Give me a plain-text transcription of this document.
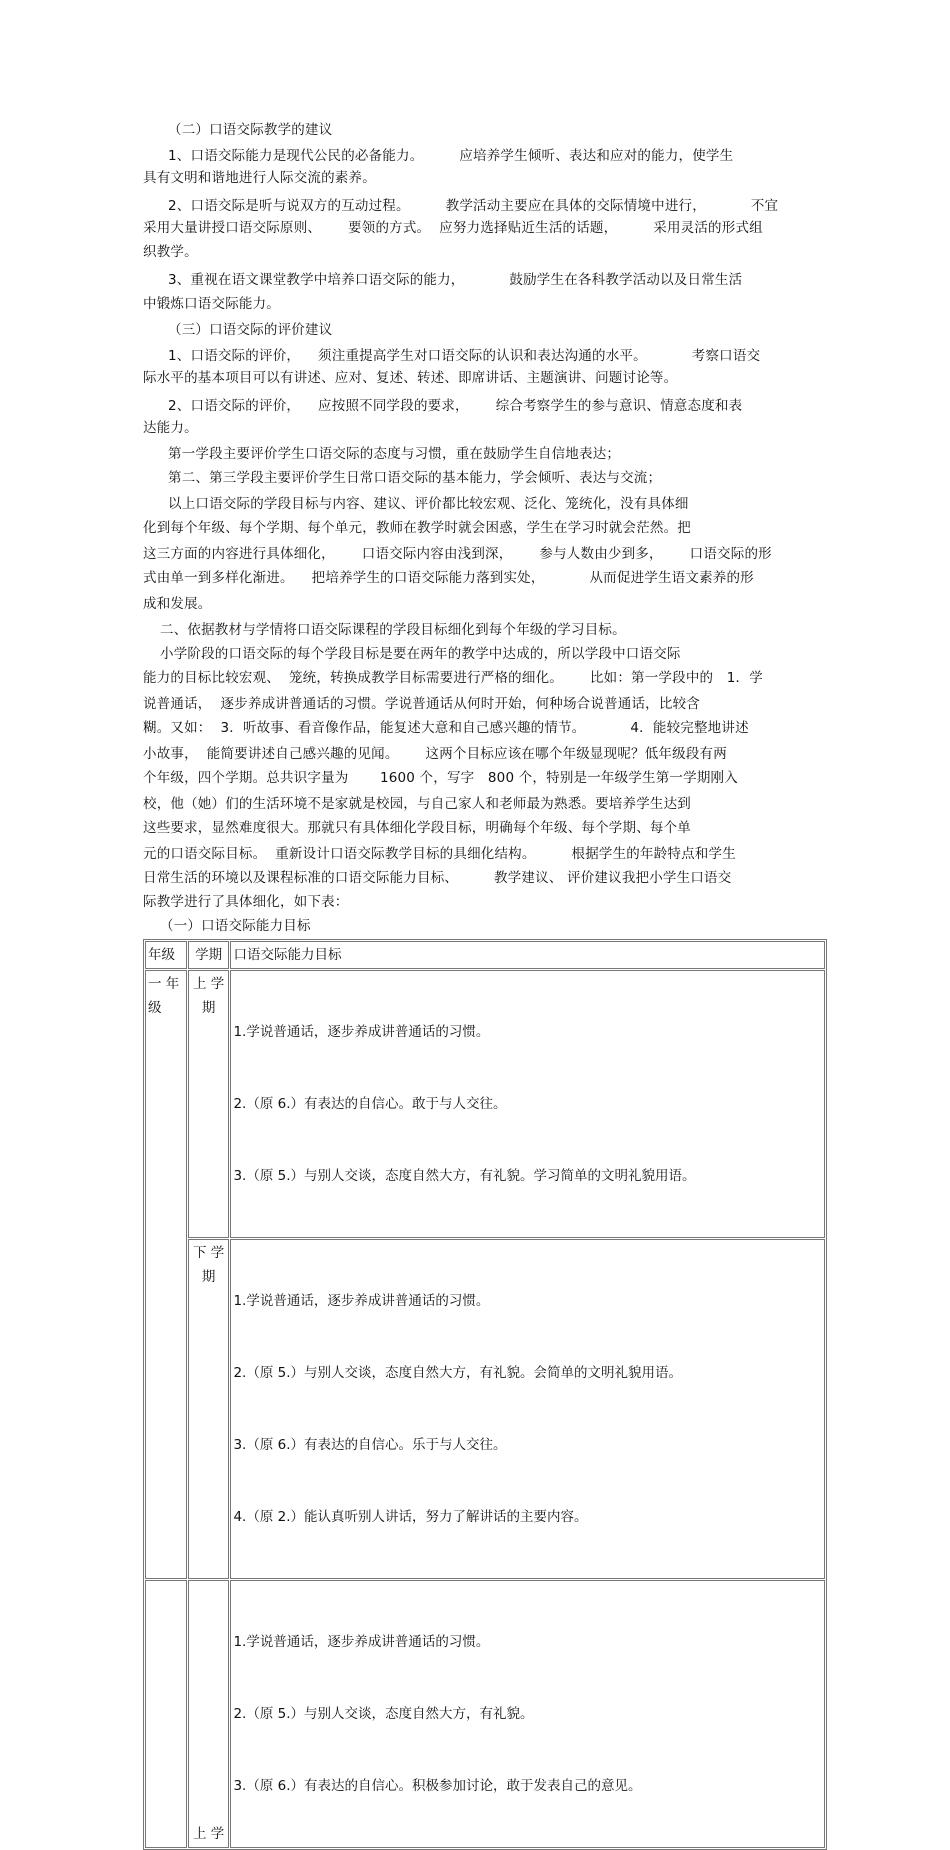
（二）口语交际教学的建议
1、口语交际能力是现代公民的必备能力。        应培养学生倾听、表达和应对的能力，使学生
具有文明和谐地进行人际交流的素养。
2、口语交际是听与说双方的互动过程。        教学活动主要应在具体的交际情境中进行，          不宜
采用大量讲授口语交际原则、      要领的方式。  应努力选择贴近生活的话题，        采用灵活的形式组
织教学。
3、重视在语文课堂教学中培养口语交际的能力，          鼓励学生在各科教学活动以及日常生活
中锻炼口语交际能力。
（三）口语交际的评价建议
1、口语交际的评价，    须注重提高学生对口语交际的认识和表达沟通的水平。          考察口语交
际水平的基本项目可以有讲述、应对、复述、转述、即席讲话、主题演讲、问题讨论等。
2、口语交际的评价，    应按照不同学段的要求，      综合考察学生的参与意识、情意态度和表
达能力。
第一学段主要评价学生口语交际的态度与习惯，重在鼓励学生自信地表达；
第二、第三学段主要评价学生日常口语交际的基本能力，学会倾听、表达与交流；
以上口语交际的学段目标与内容、建议、评价都比较宏观、泛化、笼统化，没有具体细
化到每个年级、每个学期、每个单元，教师在教学时就会困惑，学生在学习时就会茫然。把
这三方面的内容进行具体细化，      口语交际内容由浅到深，      参与人数由少到多，      口语交际的形
式由单一到多样化渐进。    把培养学生的口语交际能力落到实处，          从而促进学生语文素养的形
成和发展。
二、依据教材与学情将口语交际课程的学段目标细化到每个年级的学习目标。
小学阶段的口语交际的每个学段目标是要在两年的教学中达成的，所以学段中口语交际
能力的目标比较宏观、  笼统，转换成教学目标需要进行严格的细化。      比如：第一学段中的   1．学
说普通话，  逐步养成讲普通话的习惯。学说普通话从何时开始，何种场合说普通话，比较含
糊。又如：  3．听故事、看音像作品，能复述大意和自己感兴趣的情节。          4．能较完整地讲述
小故事，  能简要讲述自己感兴趣的见闻。      这两个目标应该在哪个年级显现呢？低年级段有两
个年级，四个学期。总共识字量为       1600 个，写字   800 个，特别是一年级学生第一学期刚入
校，他（她）们的生活环境不是家就是校园，与自己家人和老师最为熟悉。要培养学生达到
这些要求，显然难度很大。那就只有具体细化学段目标，明确每个年级、每个学期、每个单
元的口语交际目标。  重新设计口语交际教学目标的具细化结构。        根据学生的年龄特点和学生
日常生活的环境以及课程标准的口语交际能力目标、        教学建议、 评价建议我把小学生口语交
际教学进行了具体细化，如下表：
（一）口语交际能力目标
年级	学期	口语交际能力目标
一 年
级	上 学
期	1.学说普通话，逐步养成讲普通话的习惯。

2.（原 6.）有表达的自信心。敢于与人交往。

3.（原 5.）与别人交谈，态度自然大方，有礼貌。学习简单的文明礼貌用语。

	下 学
期	1.学说普通话，逐步养成讲普通话的习惯。

2.（原 5.）与别人交谈，态度自然大方，有礼貌。会简单的文明礼貌用语。

3.（原 6.）有表达的自信心。乐于与人交往。

4.（原 2.）能认真听别人讲话，努力了解讲话的主要内容。

	上 学	1.学说普通话，逐步养成讲普通话的习惯。

2.（原 5.）与别人交谈，态度自然大方，有礼貌。

3.（原 6.）有表达的自信心。积极参加讨论，敢于发表自己的意见。
